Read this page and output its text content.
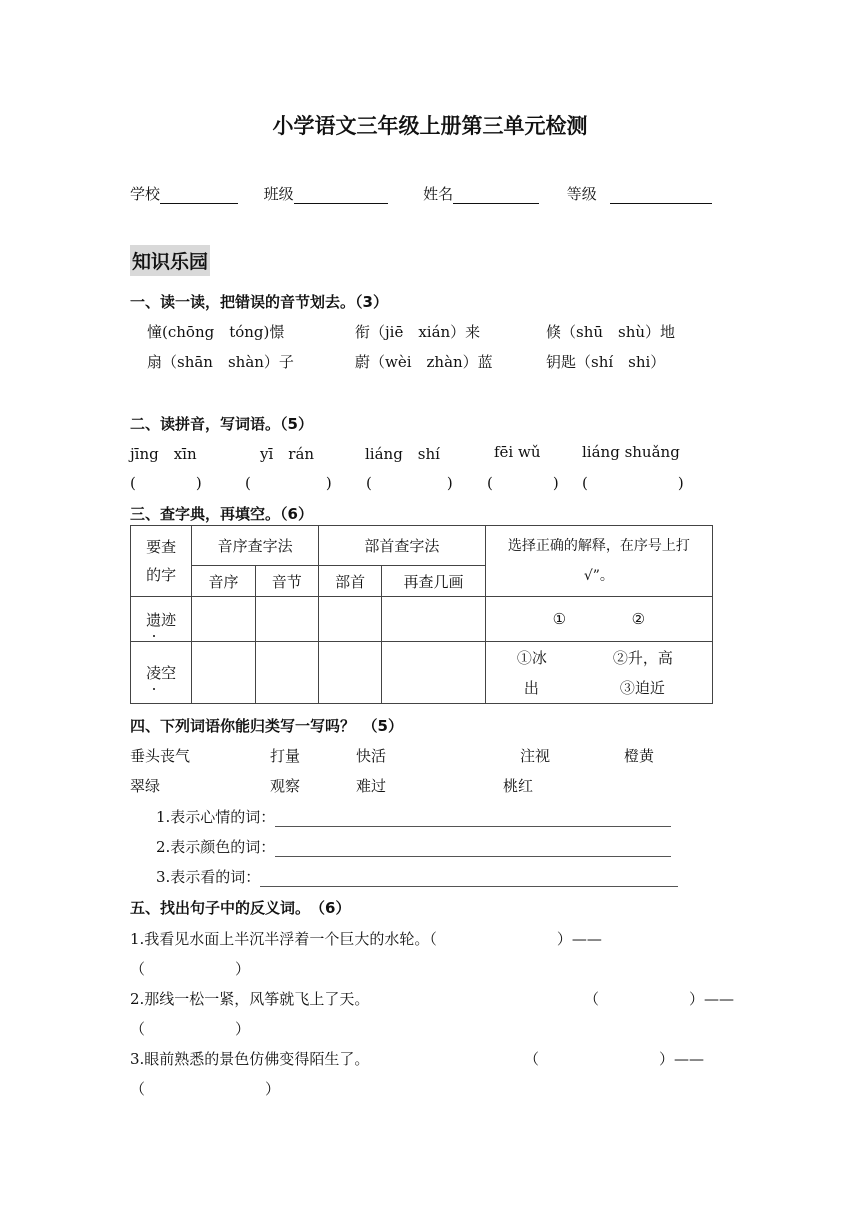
小学语文三年级上册第三单元检测
学校	班级	姓名	等级
知识乐园
一、读一读，把错误的音节划去。（3）
憧(chōng　tóng)憬	衔（jiē　xián）来	倏（shū　shù）地
扇（shān　shàn）子	蔚（wèi　zhàn）蓝	钥匙（shí　shi）
二、读拼音，写词语。（5）
jīng　xīn	yī　rán	liáng　shí	fēi wǔ	liáng shuǎng
(　　　　)	(　　　　　) (　　　　　) (　　　　) (　　　　　　)
三、查字典，再填空。（6）
要查
的字	音序查字法		部首查字法		选择正确的解释，在序号上打
√”。
	音序	音节	部首	再查几画	
遗迹					① ②
凌空					①冰 ②升，高
出 ③迫近
四、下列词语你能归类写一写吗？　（5）
垂头丧气	打量	快活	注视	橙黄
翠绿	观察	难过	桃红
1.表示心情的词：
2.表示颜色的词：
3.表示看的词：
五、找出句子中的反义词。　（6）
1.我看见水面上半沉半浮着一个巨大的水轮。（　　　　　　　　）——
（　　　　　　）
2.那线一松一紧，风筝就飞上了天。	（　　　　　　）——
（　　　　　　）
3.眼前熟悉的景色仿佛变得陌生了。	（　　　　　　　　）——
（　　　　　　　　）
